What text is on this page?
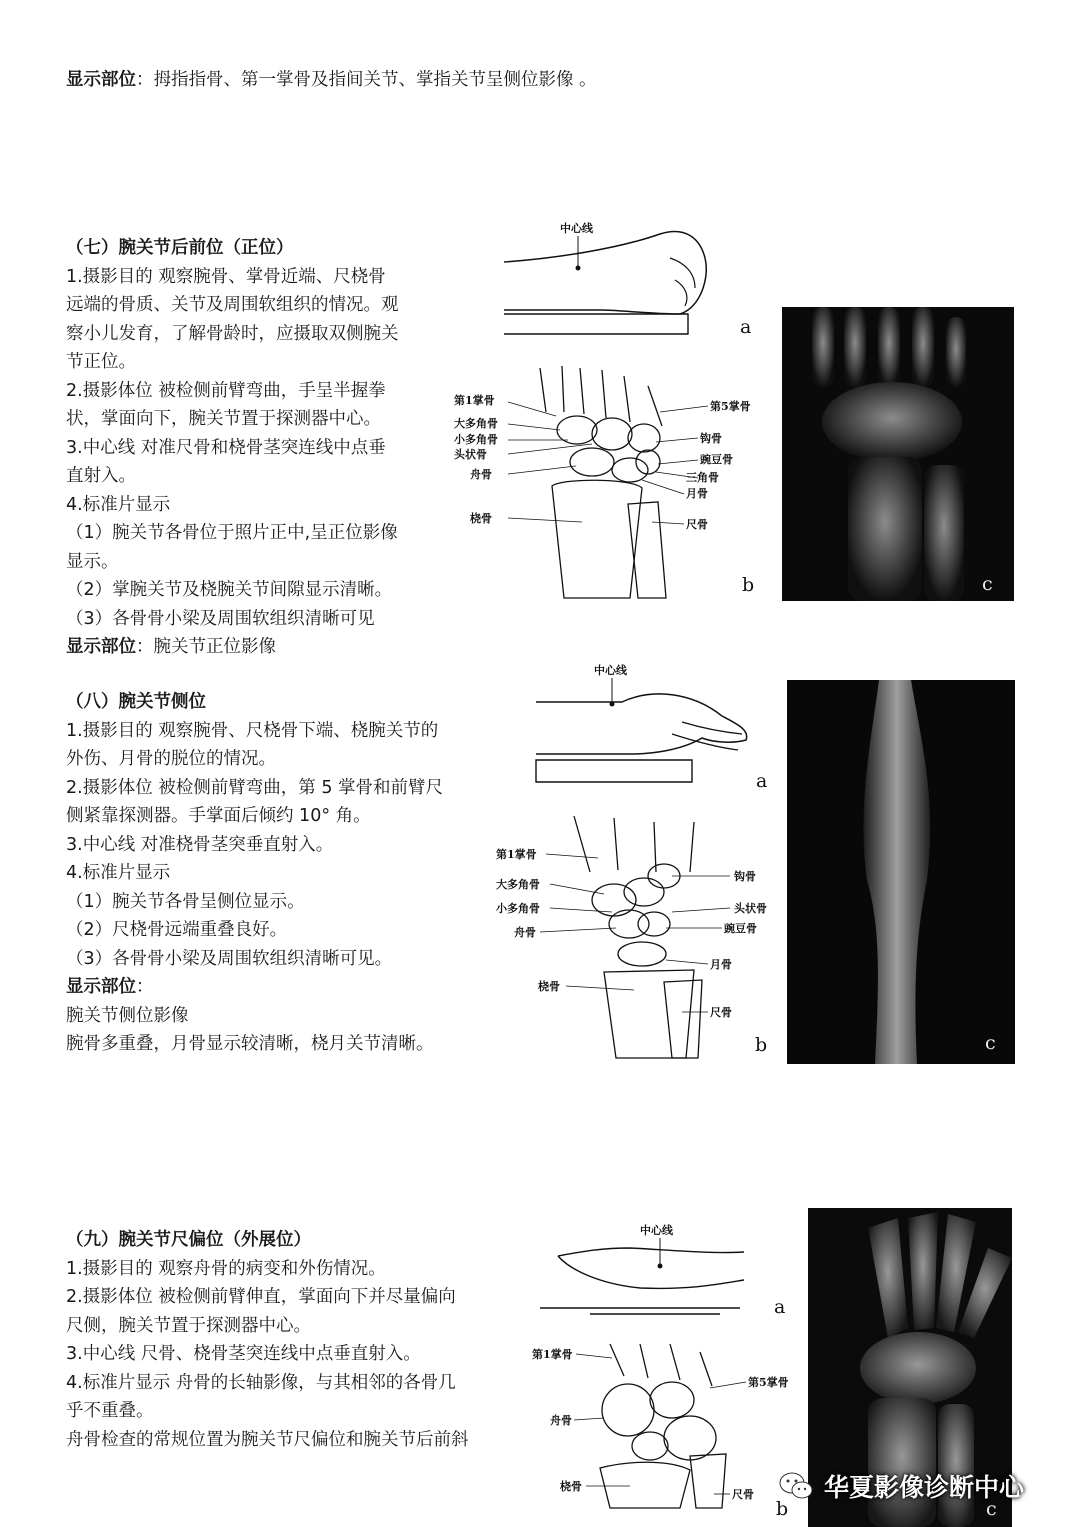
显示部位：拇指指骨、第一掌骨及指间关节、掌指关节呈侧位影像 。
（七）腕关节后前位（正位）
1.摄影目的 观察腕骨、掌骨近端、尺桡骨
远端的骨质、关节及周围软组织的情况。观
察小儿发育，了解骨龄时，应摄取双侧腕关
节正位。
2.摄影体位 被检侧前臂弯曲，手呈半握拳
状，掌面向下，腕关节置于探测器中心。
3.中心线 对准尺骨和桡骨茎突连线中点垂
直射入。
4.标准片显示
（1）腕关节各骨位于照片正中,呈正位影像
显示。
（2）掌腕关节及桡腕关节间隙显示清晰。
（3）各骨骨小梁及周围软组织清晰可见
显示部位：腕关节正位影像
中心线
a
第1掌骨
大多角骨
小多角骨
头状骨
舟骨
桡骨
第5掌骨
钩骨
豌豆骨
三角骨
月骨
尺骨
b	c
（八）腕关节侧位
1.摄影目的 观察腕骨、尺桡骨下端、桡腕关节的
外伤、月骨的脱位的情况。
2.摄影体位 被检侧前臂弯曲，第 5 掌骨和前臂尺
侧紧靠探测器。手掌面后倾约 10° 角。
3.中心线 对准桡骨茎突垂直射入。
4.标准片显示
（1）腕关节各骨呈侧位显示。
（2）尺桡骨远端重叠良好。
（3）各骨骨小梁及周围软组织清晰可见。
显示部位：
腕关节侧位影像
腕骨多重叠，月骨显示较清晰，桡月关节清晰。
中心线
a
第1掌骨
大多角骨
小多角骨
舟骨
桡骨
钩骨
头状骨
豌豆骨
月骨
尺骨
b	c
（九）腕关节尺偏位（外展位）
1.摄影目的 观察舟骨的病变和外伤情况。
2.摄影体位 被检侧前臂伸直，掌面向下并尽量偏向
尺侧，腕关节置于探测器中心。
3.中心线 尺骨、桡骨茎突连线中点垂直射入。
4.标准片显示 舟骨的长轴影像，与其相邻的各骨几
乎不重叠。
舟骨检查的常规位置为腕关节尺偏位和腕关节后前斜
中心线
a
第1掌骨
舟骨
桡骨
第5掌骨
尺骨
b	c
华夏影像诊断中心
